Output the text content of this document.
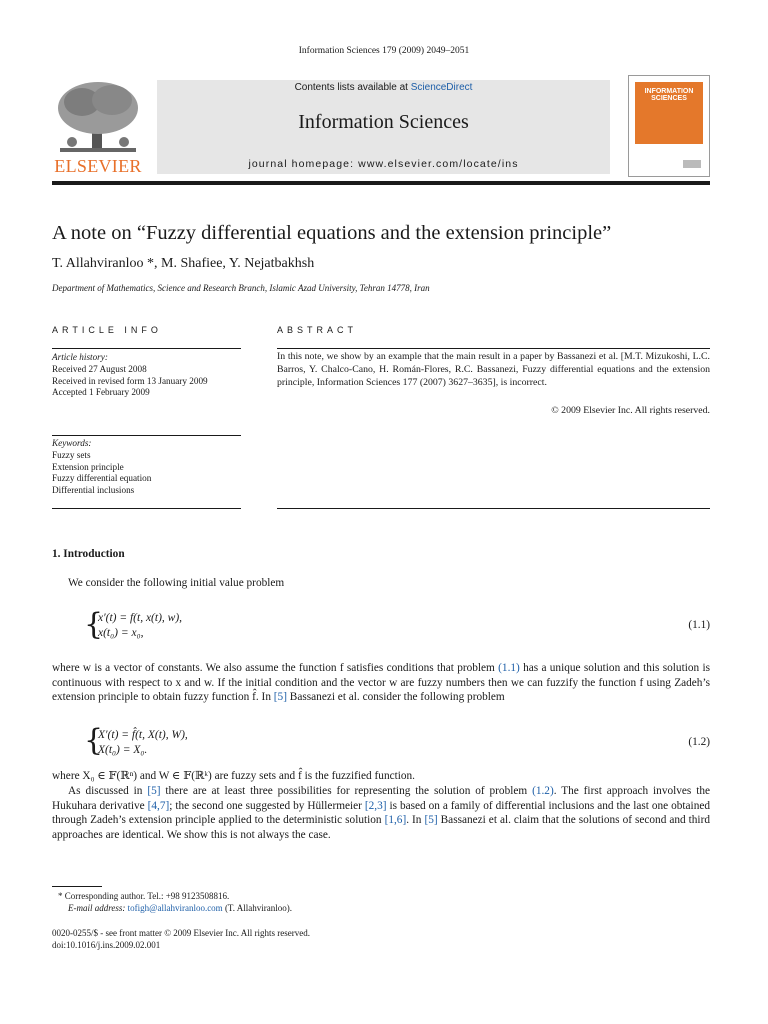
Information Sciences 179 (2009) 2049–2051
ELSEVIER
Contents lists available at ScienceDirect
Information Sciences
journal homepage: www.elsevier.com/locate/ins
INFORMATION SCIENCES
A note on “Fuzzy differential equations and the extension principle”
T. Allahviranloo *, M. Shafiee, Y. Nejatbakhsh
Department of Mathematics, Science and Research Branch, Islamic Azad University, Tehran 14778, Iran
ARTICLE INFO
Article history:
Received 27 August 2008
Received in revised form 13 January 2009
Accepted 1 February 2009
Keywords:
Fuzzy sets
Extension principle
Fuzzy differential equation
Differential inclusions
ABSTRACT
In this note, we show by an example that the main result in a paper by Bassanezi et al. [M.T. Mizukoshi, L.C. Barros, Y. Chalco-Cano, H. Román-Flores, R.C. Bassanezi, Fuzzy differential equations and the extension principle, Information Sciences 177 (2007) 3627–3635], is incorrect.
© 2009 Elsevier Inc. All rights reserved.
1. Introduction
We consider the following initial value problem
{
x′(t) = f(t, x(t), w),
x(t₀) = x₀,
(1.1)
where w is a vector of constants. We also assume the function f satisfies conditions that problem (1.1) has a unique solution and this solution is continuous with respect to x and w. If the initial condition and the vector w are fuzzy numbers then we can fuzzify the function f using Zadeh’s extension principle to obtain fuzzy function f̂. In [5] Bassanezi et al. consider the following problem
{
X′(t) = f̂(t, X(t), W),
X(t₀) = X₀.
(1.2)
where X₀ ∈ 𝔽(ℝⁿ) and W ∈ 𝔽(ℝᵏ) are fuzzy sets and f̂ is the fuzzified function.
As discussed in [5] there are at least three possibilities for representing the solution of problem (1.2). The first approach involves the Hukuhara derivative [4,7]; the second one suggested by Hüllermeier [2,3] is based on a family of differential inclusions and the last one obtained through Zadeh’s extension principle applied to the deterministic solution [1,6]. In [5] Bassanezi et al. claim that the solutions of second and third approaches are identical. We show this is not always the case.
* Corresponding author. Tel.: +98 9123508816.
E-mail address: tofigh@allahviranloo.com (T. Allahviranloo).
0020-0255/$ - see front matter © 2009 Elsevier Inc. All rights reserved.
doi:10.1016/j.ins.2009.02.001
